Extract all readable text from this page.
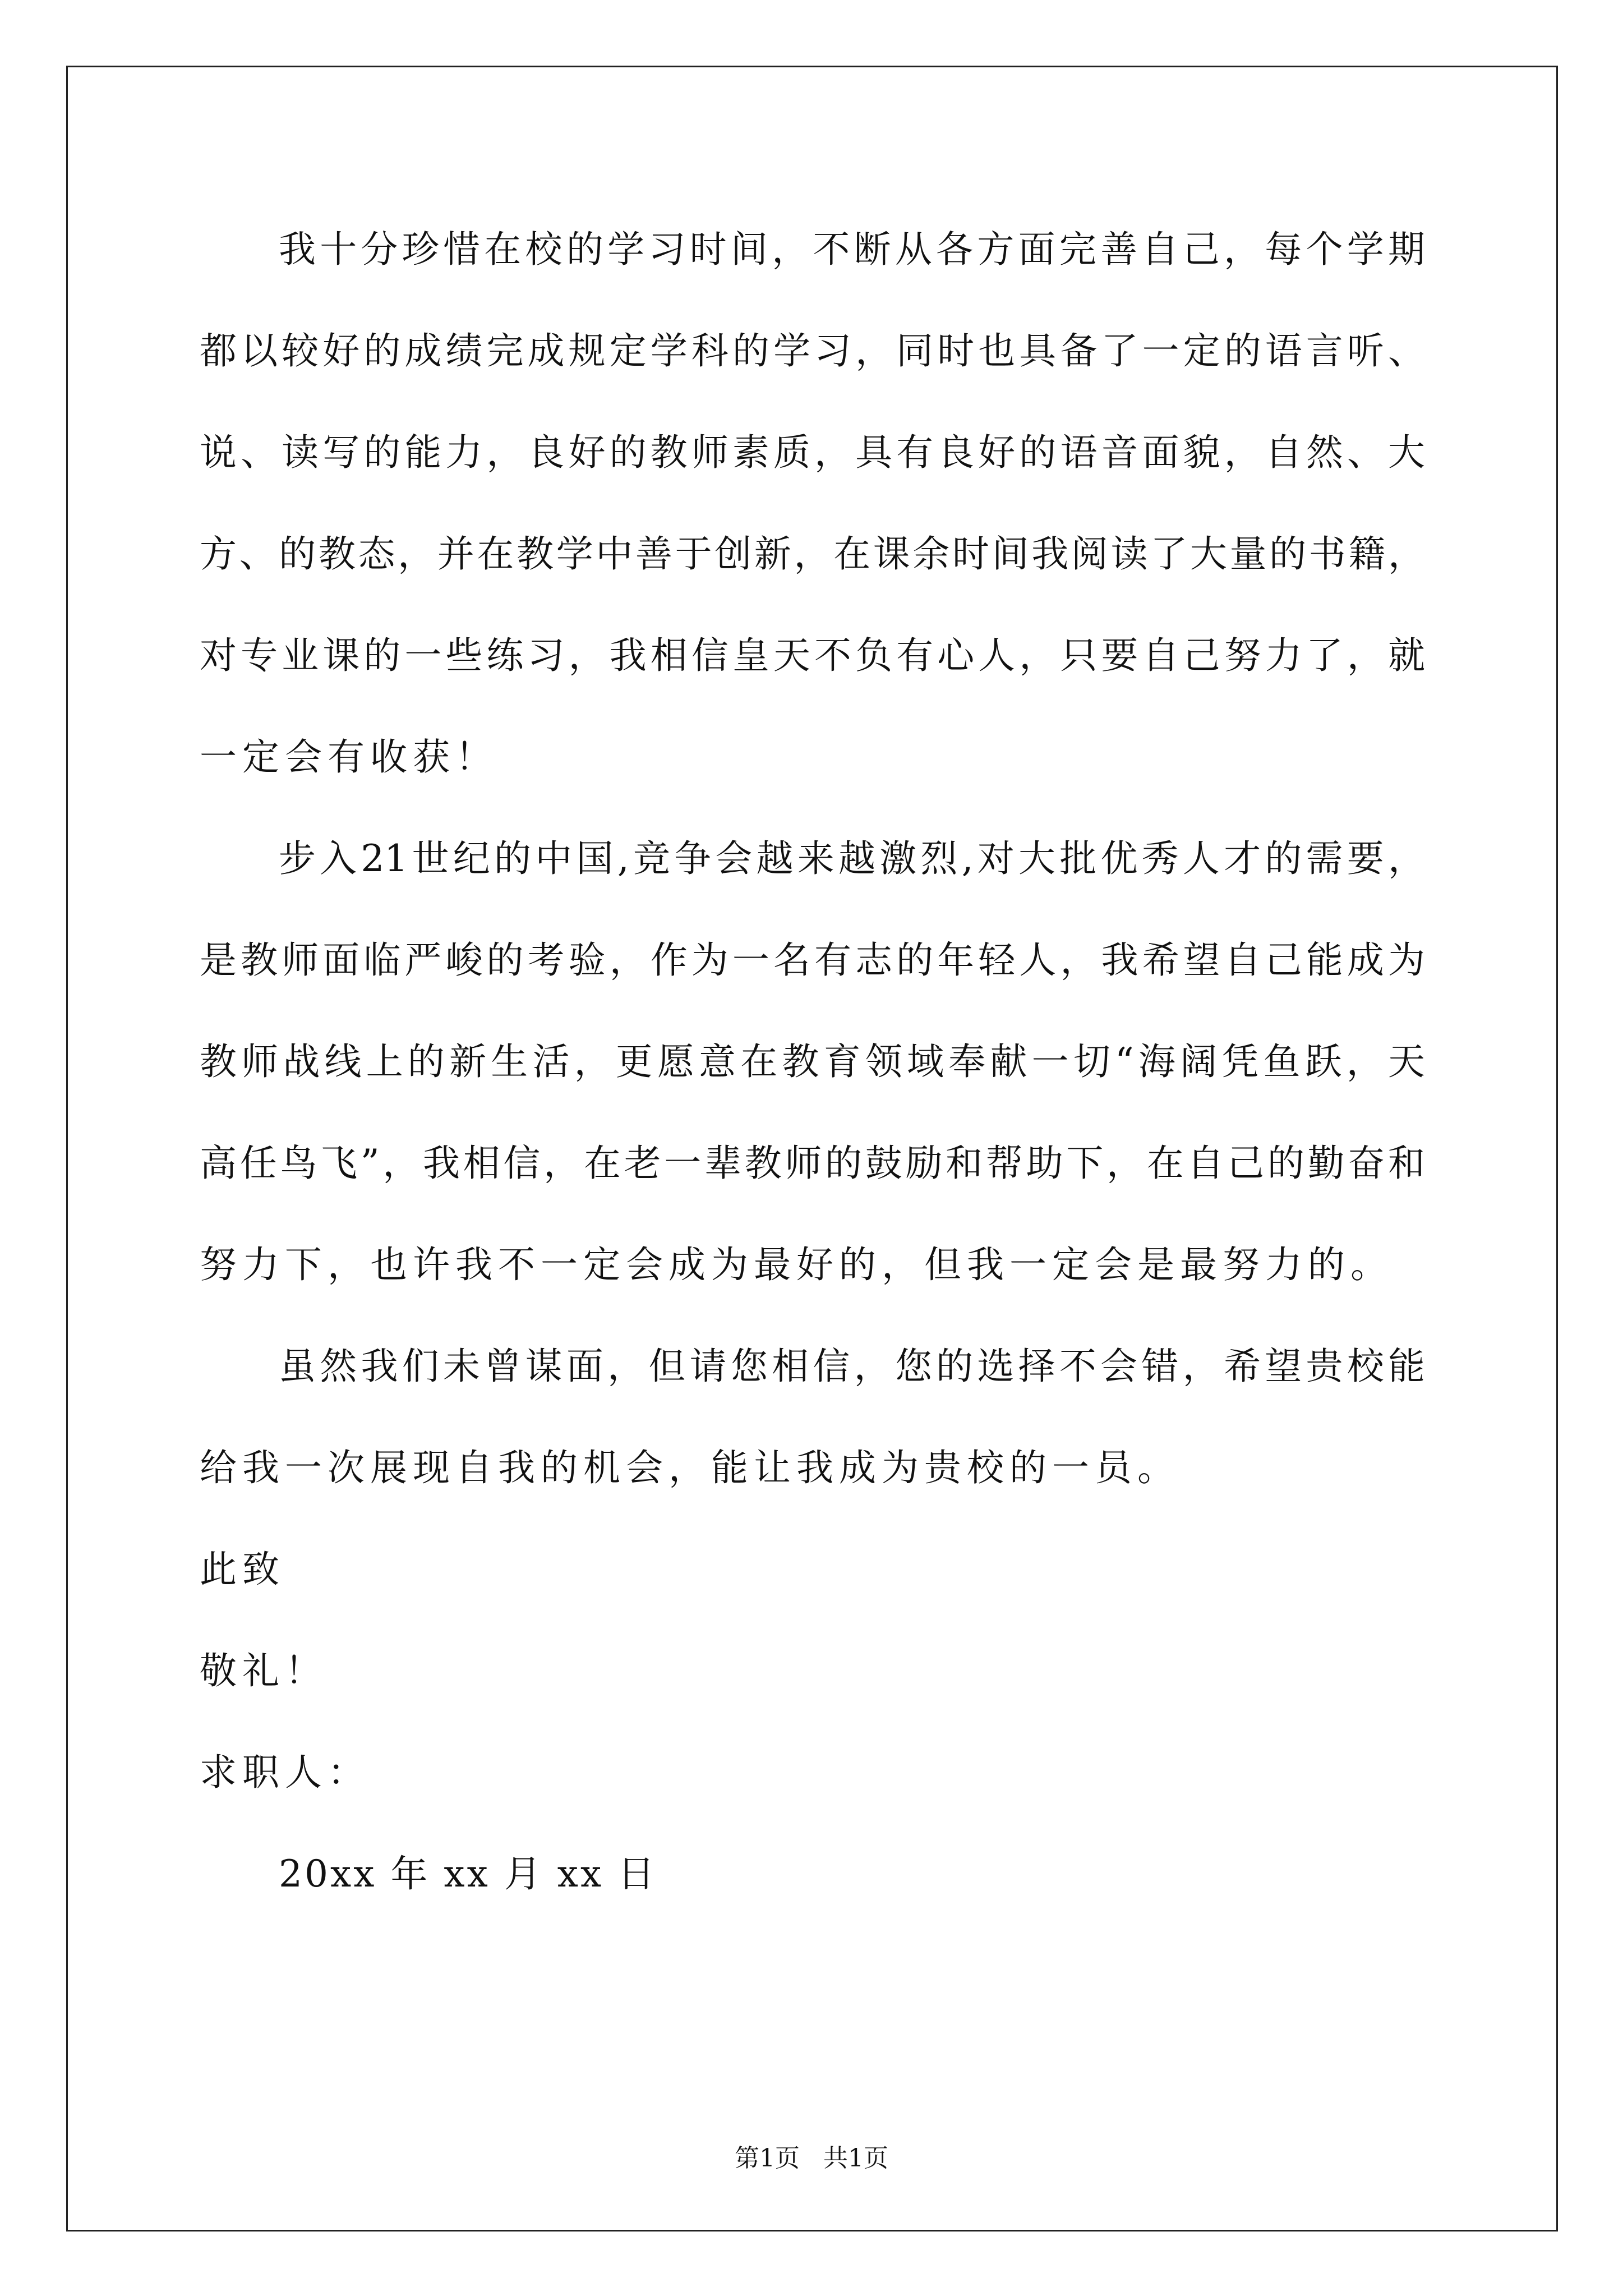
我十分珍惜在校的学习时间，不断从各方面完善自己，每个学期
都以较好的成绩完成规定学科的学习，同时也具备了一定的语言听、
说、读写的能力，良好的教师素质，具有良好的语音面貌，自然、大
方、的教态，并在教学中善于创新，在课余时间我阅读了大量的书籍，
对专业课的一些练习，我相信皇天不负有心人，只要自己努力了，就
一定会有收获！
步入21世纪的中国,竞争会越来越激烈,对大批优秀人才的需要，
是教师面临严峻的考验，作为一名有志的年轻人，我希望自己能成为
教师战线上的新生活，更愿意在教育领域奉献一切“海阔凭鱼跃，天
高任鸟飞”，我相信，在老一辈教师的鼓励和帮助下，在自己的勤奋和
努力下，也许我不一定会成为最好的，但我一定会是最努力的。
虽然我们未曾谋面，但请您相信，您的选择不会错，希望贵校能
给我一次展现自我的机会，能让我成为贵校的一员。
此致
敬礼！
求职人：
20xx 年 xx 月 xx 日
第1页   共1页
